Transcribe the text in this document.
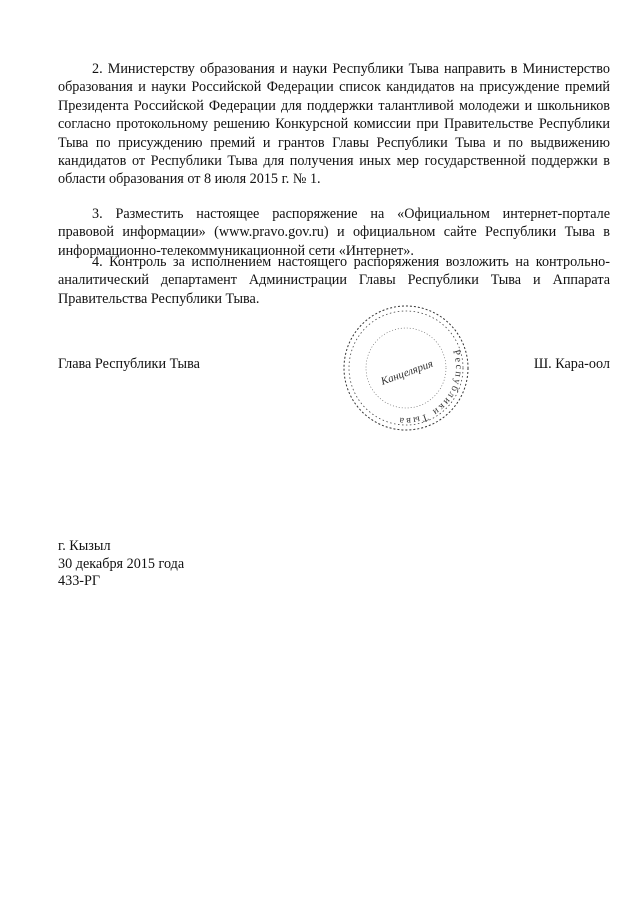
2. Министерству образования и науки Республики Тыва направить в Министерство образования и науки Российской Федерации список кандидатов на присуждение премий Президента Российской Федерации для поддержки талантливой молодежи и школьников согласно протокольному решению Конкурсной комиссии при Правительстве Республики Тыва по присуждению премий и грантов Главы Республики Тыва и по выдвижению кандидатов от Республики Тыва для получения иных мер государственной поддержки в области образования от 8 июля 2015 г. № 1.
3. Разместить настоящее распоряжение на «Официальном интернет-портале правовой информации» (www.pravo.gov.ru) и официальном сайте Республики Тыва в информационно-телекоммуникационной сети «Интернет».
4. Контроль за исполнением настоящего распоряжения возложить на контрольно-аналитический департамент Администрации Главы Республики Тыва и Аппарата Правительства Республики Тыва.
Глава Республики Тыва
Республики Тыва
Канцелярия	Ш. Кара-оол
г. Кызыл
30 декабря 2015 года
433-РГ
